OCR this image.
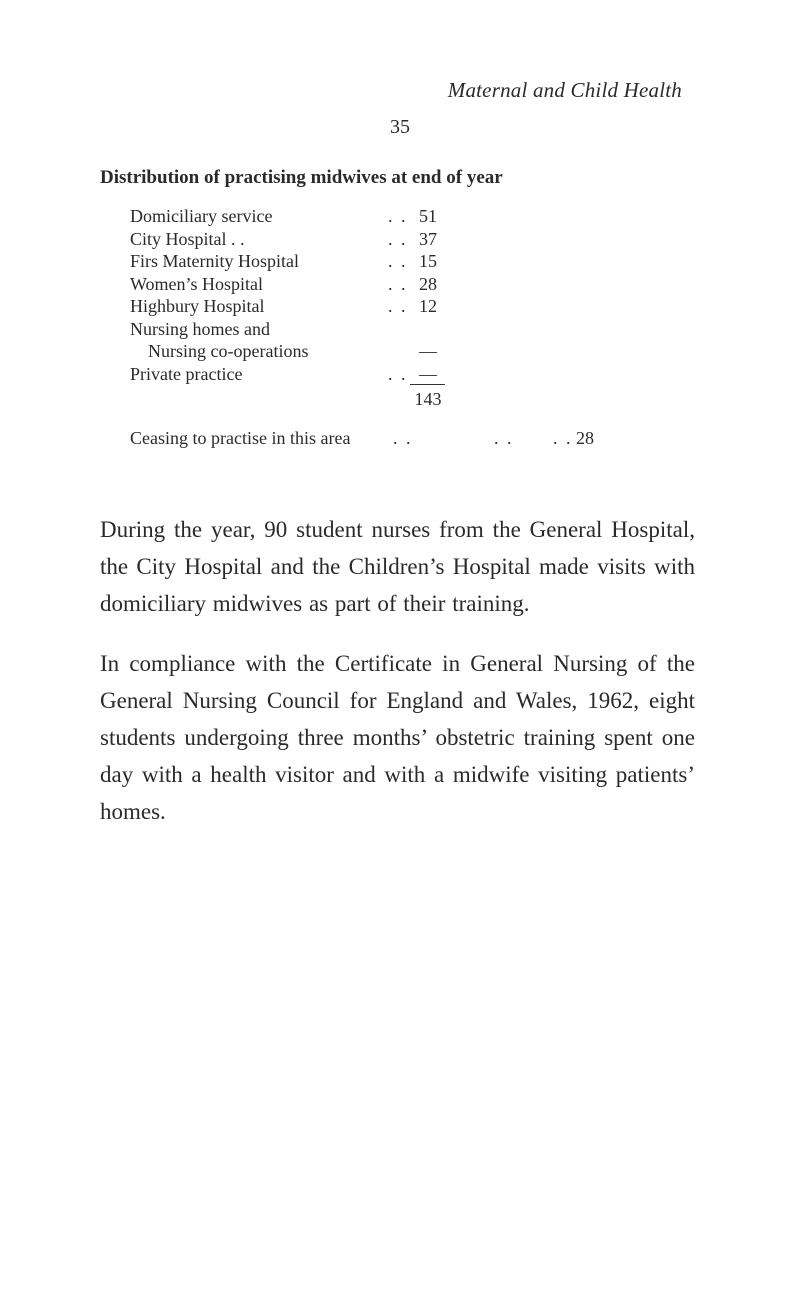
Maternal and Child Health
35
Distribution of practising midwives at end of year
Domiciliary service	. . 51
City Hospital . .	. . 37
Firs Maternity Hospital	. . 15
Women’s Hospital	. . 28
Highbury Hospital	. . 12
Nursing homes and
Nursing co-operations	—
Private practice	. . —
143
Ceasing to practise in this area . .	. . . . 28

During the year, 90 student nurses from the General Hospital, the City Hospital and the Children’s Hospital made visits with domiciliary midwives as part of their training.

In compliance with the Certificate in General Nursing of the General Nursing Council for England and Wales, 1962, eight students undergoing three months’ obstetric training spent one day with a health visitor and with a midwife visiting patients’ homes.
